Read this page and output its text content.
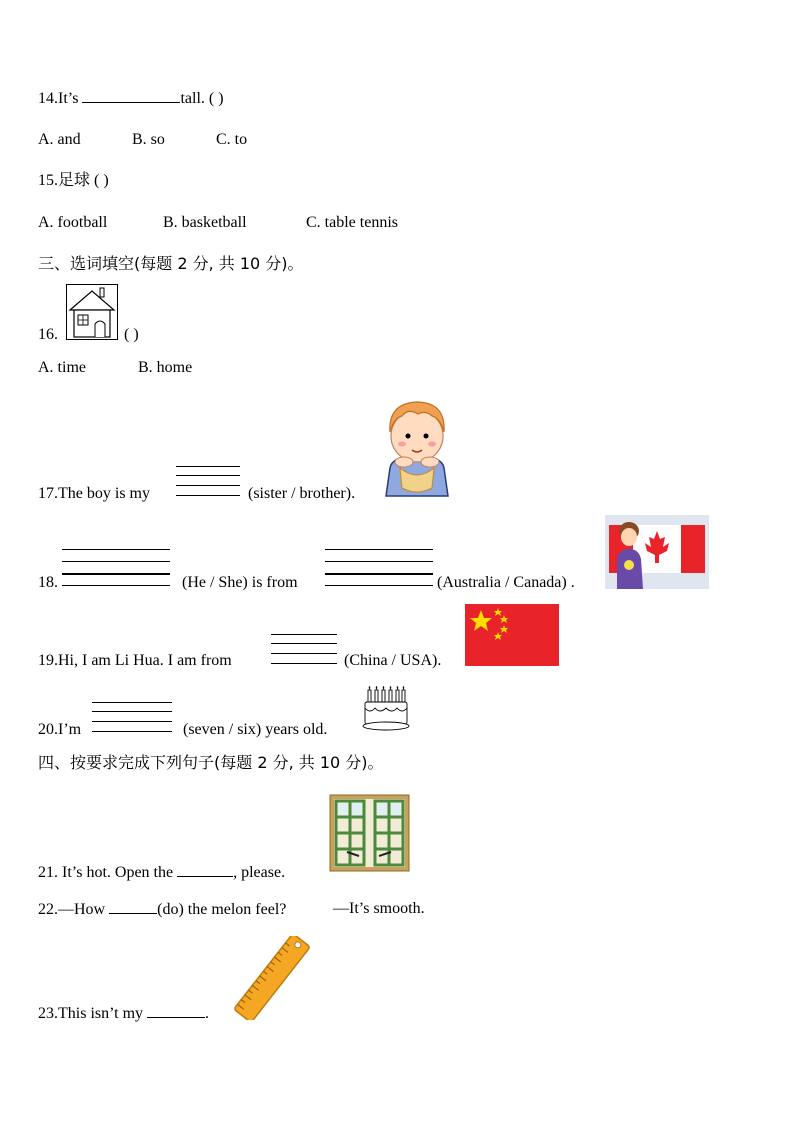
14.It’s	tall. ( )
A. and	B. so	C. to
15.足球 ( )
A. football	B. basketball	C. table tennis
三、选词填空(每题 2 分, 共 10 分)。
16.	( )
A. time	B. home
17.The boy is my	(sister / brother).
18.	(He / She) is from	(Australia / Canada) .
19.Hi, I am Li Hua. I am from	(China / USA).
20.I’m	(seven / six) years old.
四、按要求完成下列句子(每题 2 分, 共 10 分)。
21. It’s hot. Open the	, please.
22.—How	(do) the melon feel?	—It’s smooth.
23.This isn’t my	.
